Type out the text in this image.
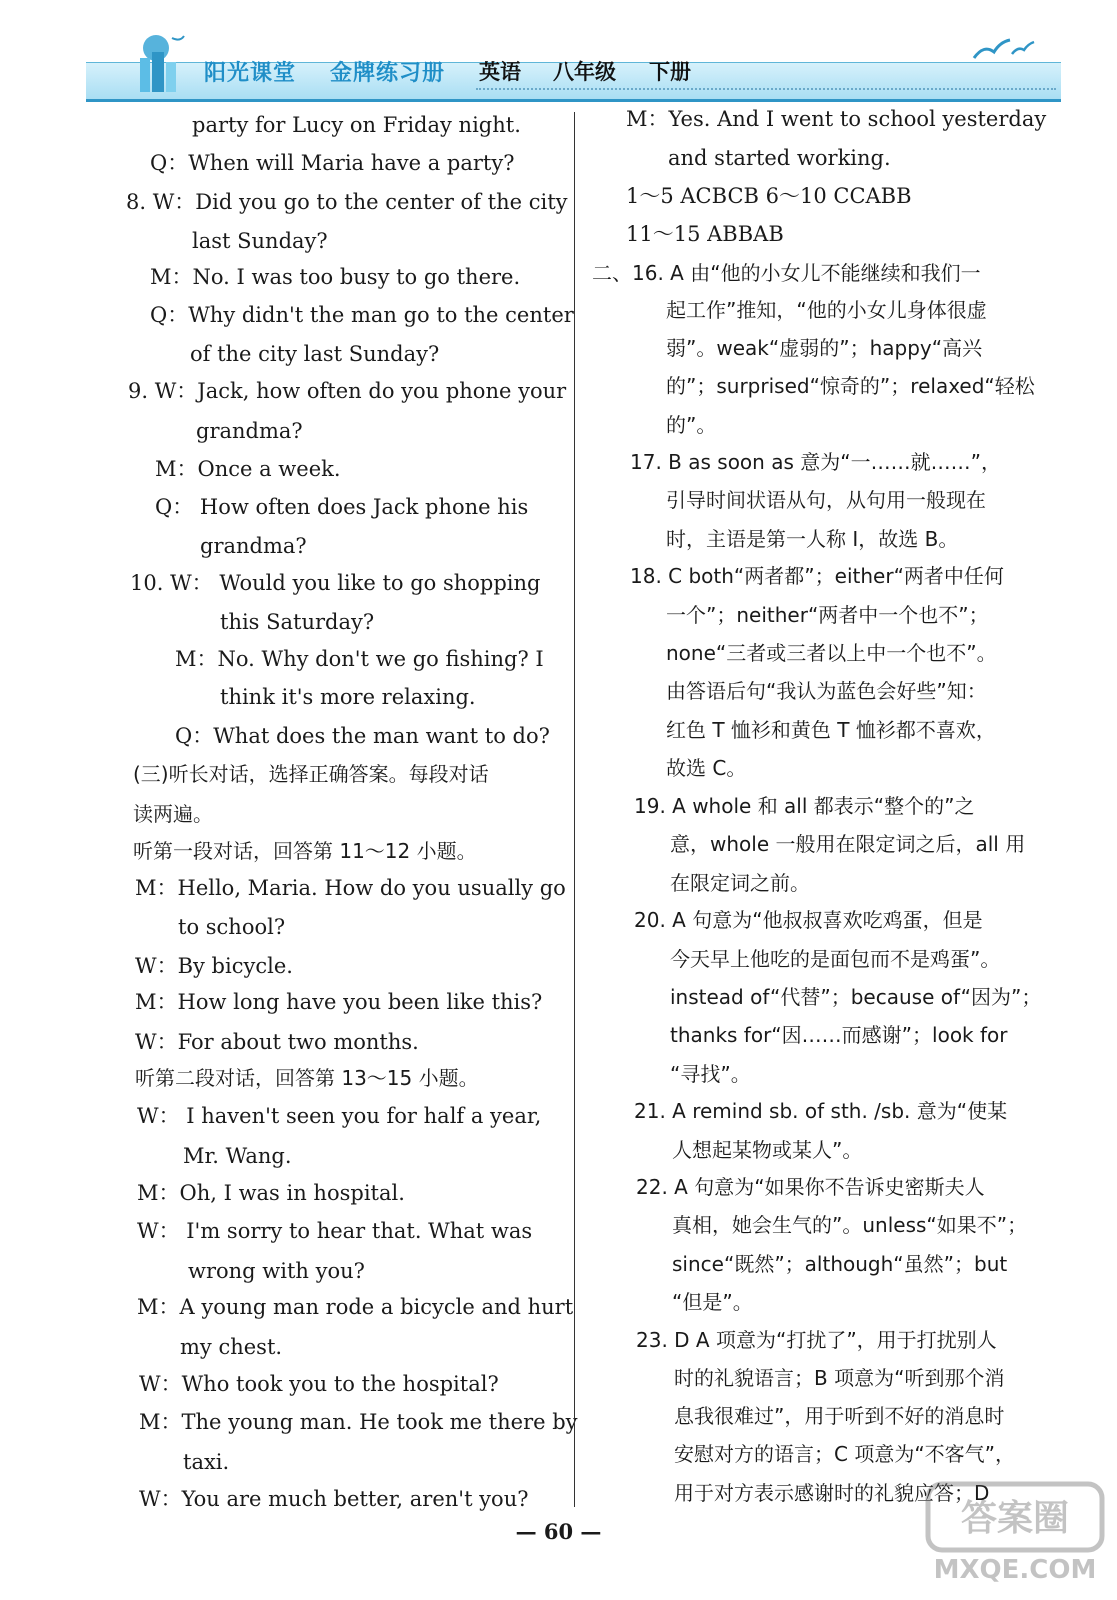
阳光课堂 金牌练习册 英语 八年级 下册
party for Lucy on Friday night.
Q：When will Maria have a party?
8. W：Did you go to the center of the city
last Sunday?
M：No. I was too busy to go there.
Q：Why didn't the man go to the center
of the city last Sunday?
9. W：Jack, how often do you phone your
grandma?
M：Once a week.
Q： How often does Jack phone his
grandma?
10. W： Would you like to go shopping
this Saturday?
M：No. Why don't we go fishing? I
think it's more relaxing.
Q：What does the man want to do?
(三)听长对话，选择正确答案。每段对话
读两遍。
听第一段对话，回答第 11～12 小题。
M：Hello, Maria. How do you usually go
to school?
W：By bicycle.
M：How long have you been like this?
W：For about two months.
听第二段对话，回答第 13～15 小题。
W： I haven't seen you for half a year,
Mr. Wang.
M：Oh, I was in hospital.
W： I'm sorry to hear that. What was
wrong with you?
M：A young man rode a bicycle and hurt
my chest.
W：Who took you to the hospital?
M：The young man. He took me there by
taxi.
W：You are much better, aren't you?
M：Yes. And I went to school yesterday
and started working.
1～5 ACBCB 6～10 CCABB
11～15 ABBAB
二、16. A 由“他的小女儿不能继续和我们一
起工作”推知，“他的小女儿身体很虚
弱”。weak“虚弱的”；happy“高兴
的”；surprised“惊奇的”；relaxed“轻松
的”。
17. B as soon as 意为“一……就……”，
引导时间状语从句，从句用一般现在
时，主语是第一人称 I，故选 B。
18. C both“两者都”；either“两者中任何
一个”；neither“两者中一个也不”；
none“三者或三者以上中一个也不”。
由答语后句“我认为蓝色会好些”知：
红色 T 恤衫和黄色 T 恤衫都不喜欢，
故选 C。
19. A whole 和 all 都表示“整个的”之
意，whole 一般用在限定词之后，all 用
在限定词之前。
20. A 句意为“他叔叔喜欢吃鸡蛋，但是
今天早上他吃的是面包而不是鸡蛋”。
instead of“代替”；because of“因为”；
thanks for“因……而感谢”；look for
“寻找”。
21. A remind sb. of sth. /sb. 意为“使某
人想起某物或某人”。
22. A 句意为“如果你不告诉史密斯夫人
真相，她会生气的”。unless“如果不”；
since“既然”；although“虽然”；but
“但是”。
23. D A 项意为“打扰了”，用于打扰别人
时的礼貌语言；B 项意为“听到那个消
息我很难过”，用于听到不好的消息时
安慰对方的语言；C 项意为“不客气”，
用于对方表示感谢时的礼貌应答；D
— 60 —	答案圈
MXQE.COM
